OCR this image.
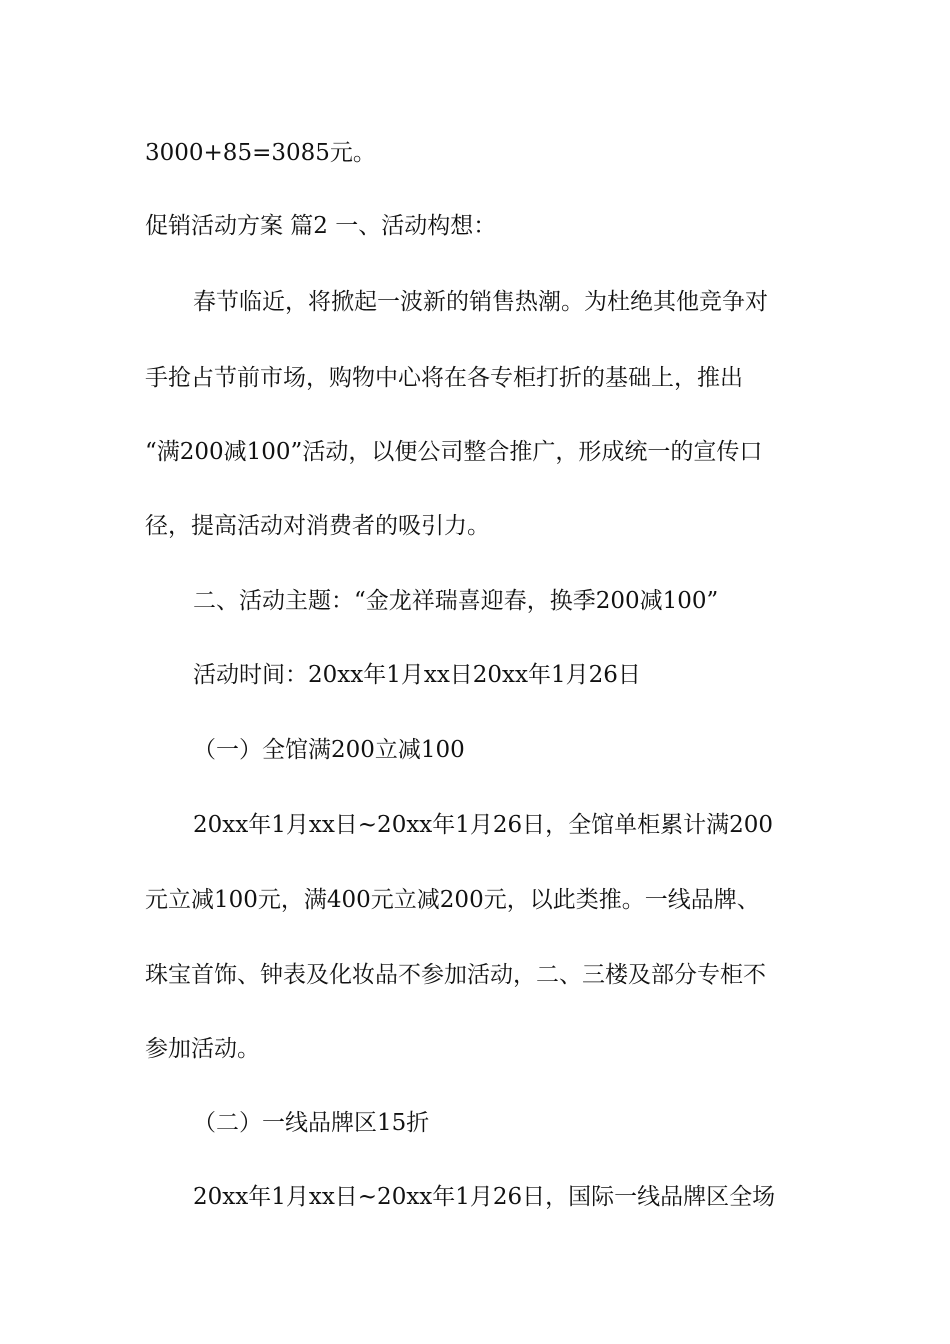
3000+85=3085元。
促销活动方案 篇2 一、活动构想：
春节临近，将掀起一波新的销售热潮。为杜绝其他竞争对
手抢占节前市场，购物中心将在各专柜打折的基础上，推出
“满200减100”活动，以便公司整合推广，形成统一的宣传口
径，提高活动对消费者的吸引力。
二、活动主题：“金龙祥瑞喜迎春，换季200减100”
活动时间：20xx年1月xx日20xx年1月26日
（一）全馆满200立减100
20xx年1月xx日~20xx年1月26日，全馆单柜累计满200
元立减100元，满400元立减200元，以此类推。一线品牌、
珠宝首饰、钟表及化妆品不参加活动，二、三楼及部分专柜不
参加活动。
（二）一线品牌区15折
20xx年1月xx日~20xx年1月26日，国际一线品牌区全场
